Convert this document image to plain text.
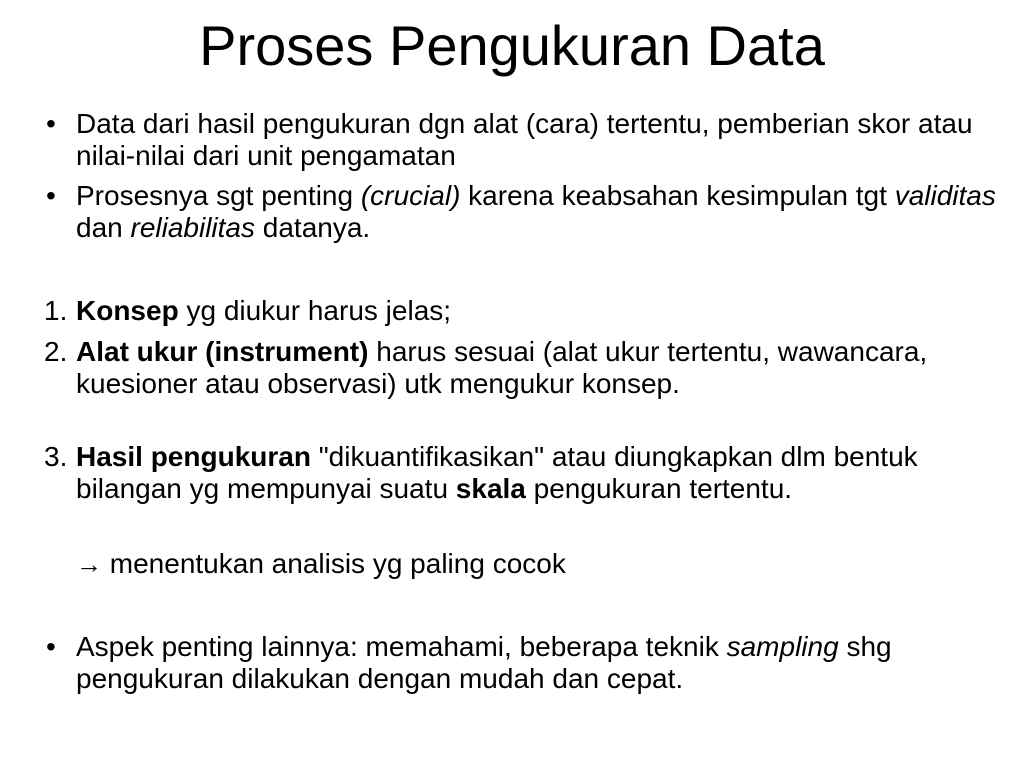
Proses Pengukuran Data
• Data dari hasil pengukuran dgn alat (cara) tertentu, pemberian skor atau nilai-nilai dari unit pengamatan
• Prosesnya sgt penting (crucial) karena keabsahan kesimpulan tgt validitas dan reliabilitas datanya.
1. Konsep yg diukur harus jelas;
2. Alat ukur (instrument) harus sesuai (alat ukur tertentu, wawancara, kuesioner atau observasi) utk mengukur konsep.
3. Hasil pengukuran "dikuantifikasikan" atau diungkapkan dlm bentuk bilangan yg mempunyai suatu skala pengukuran tertentu.
→ menentukan analisis yg paling cocok
• Aspek penting lainnya: memahami, beberapa teknik sampling shg pengukuran dilakukan dengan mudah dan cepat.
